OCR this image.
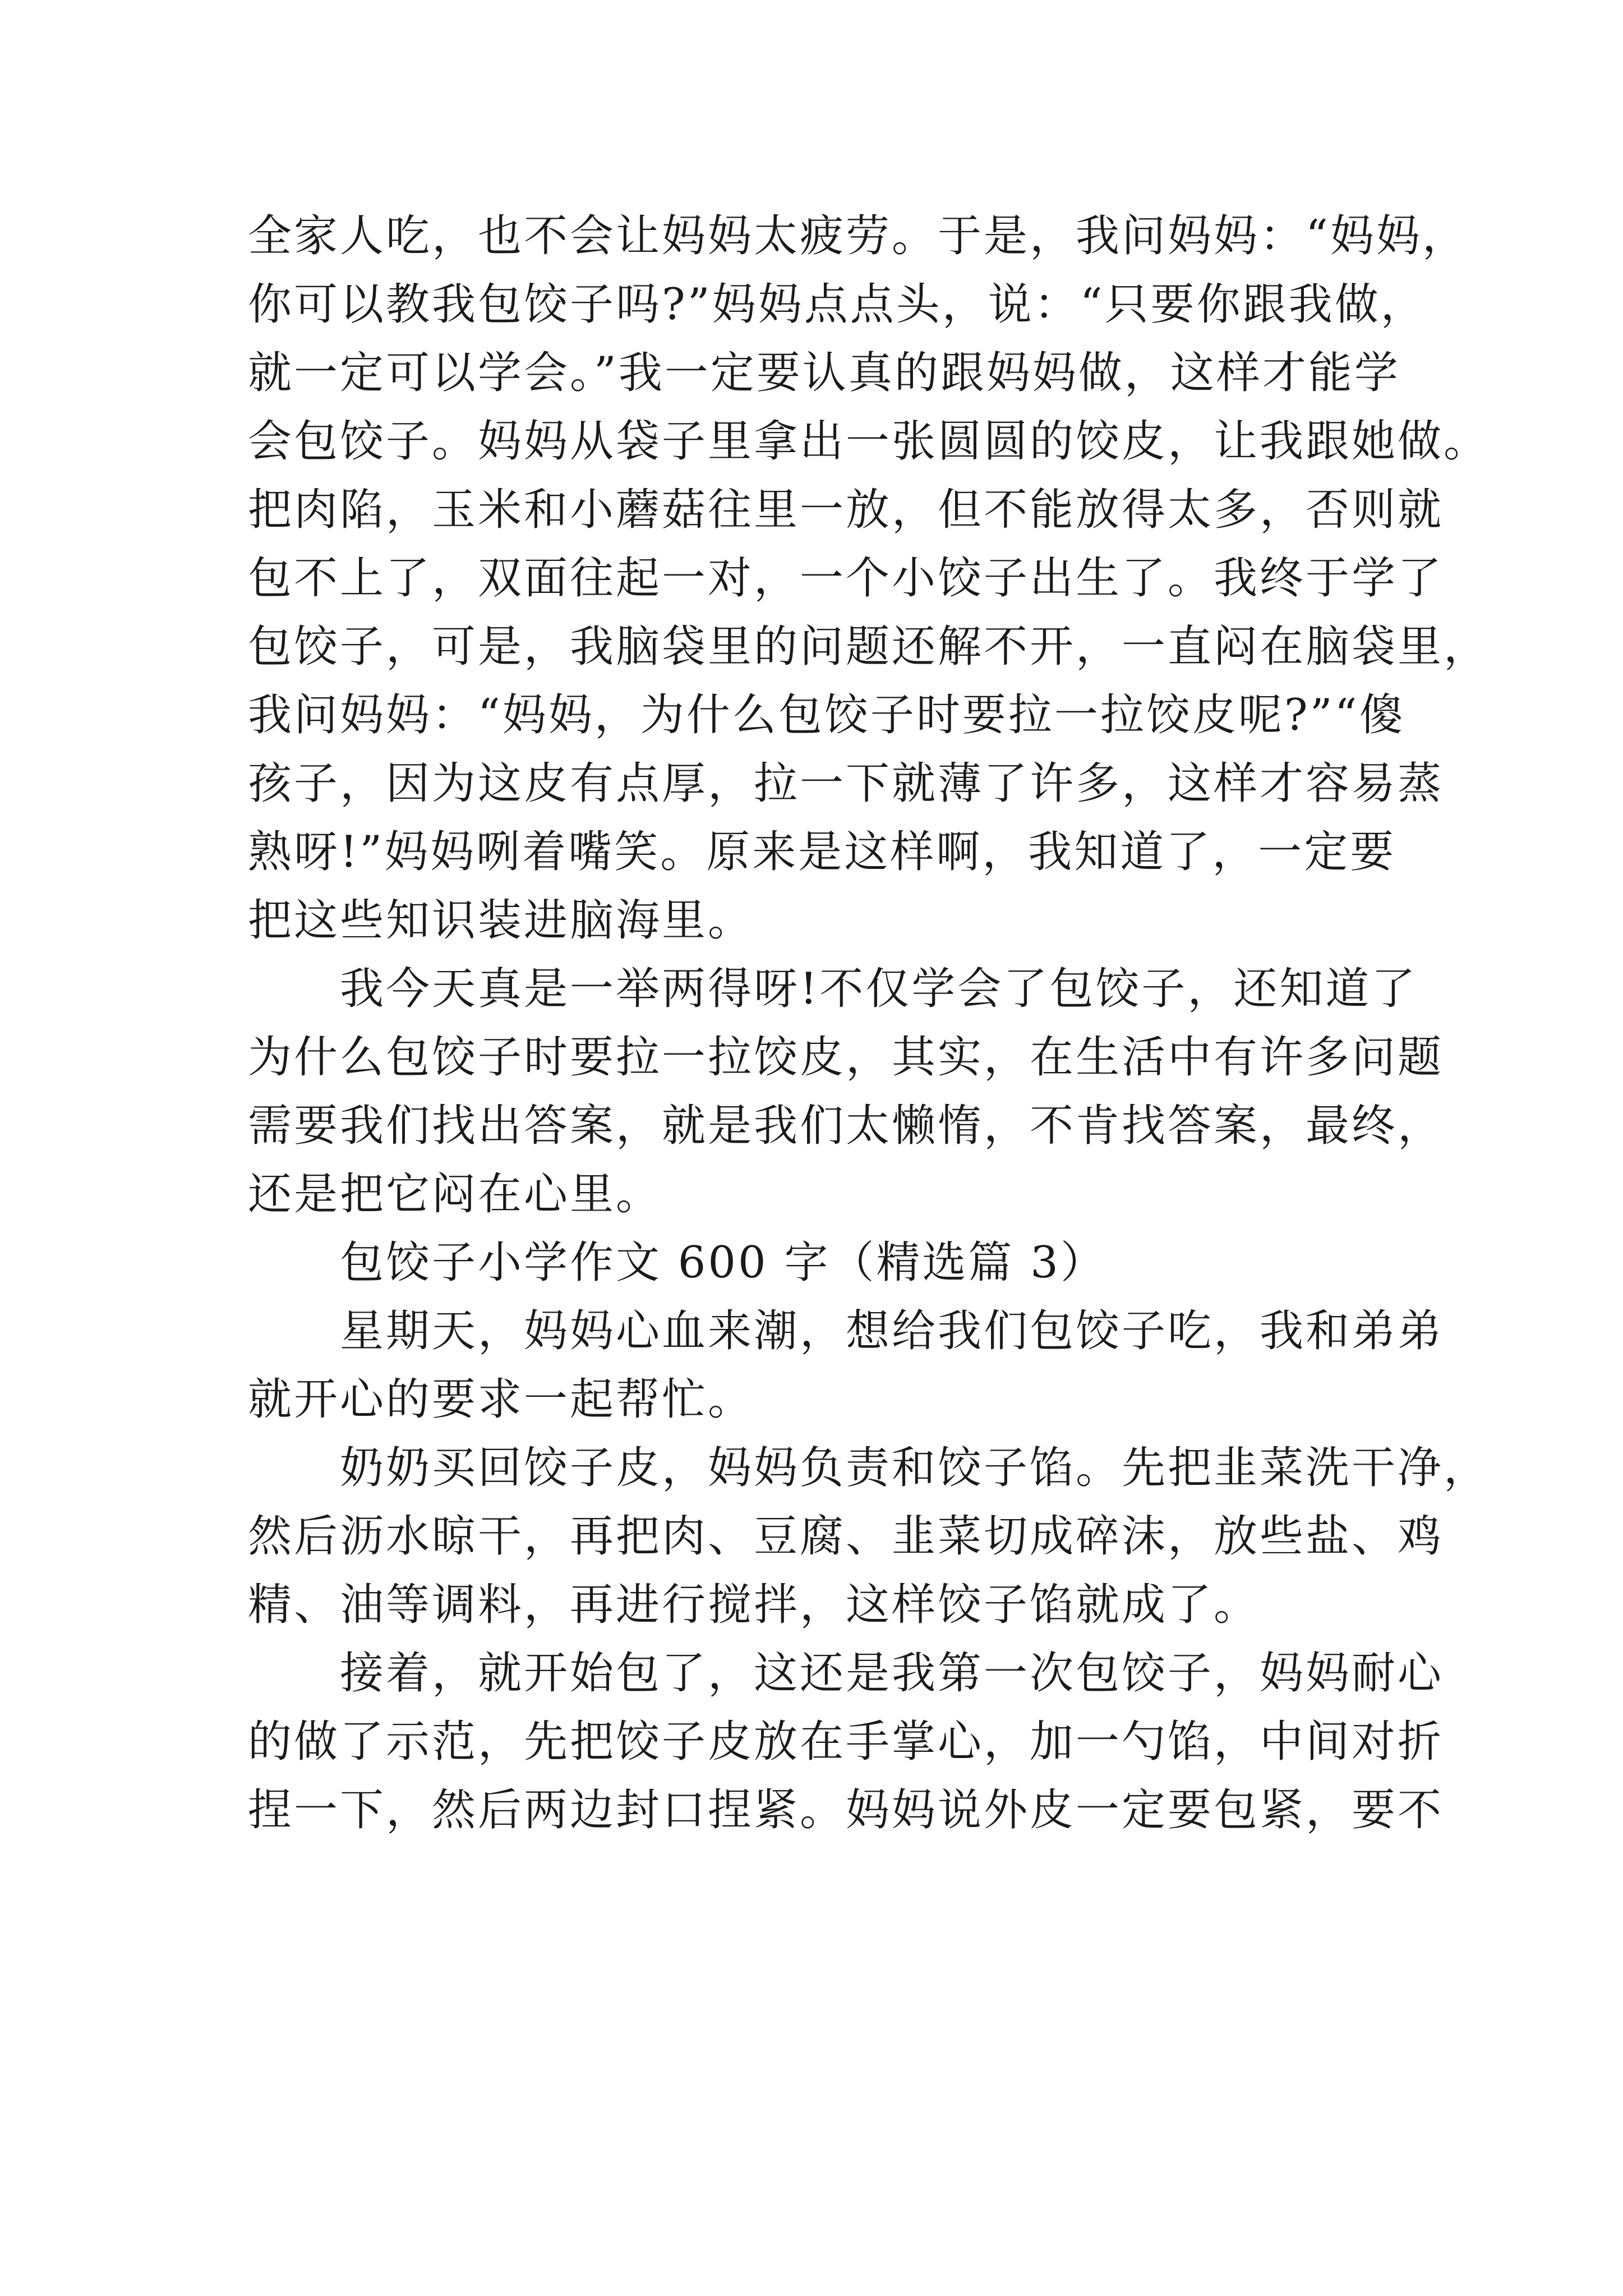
全家人吃，也不会让妈妈太疲劳。于是，我问妈妈：“妈妈，
你可以教我包饺子吗?”妈妈点点头，说：“只要你跟我做，
就一定可以学会。”我一定要认真的跟妈妈做，这样才能学
会包饺子。妈妈从袋子里拿出一张圆圆的饺皮，让我跟她做。
把肉陷，玉米和小蘑菇往里一放，但不能放得太多，否则就
包不上了，双面往起一对，一个小饺子出生了。我终于学了
包饺子，可是，我脑袋里的问题还解不开，一直闷在脑袋里，
我问妈妈：“妈妈，为什么包饺子时要拉一拉饺皮呢?”“傻
孩子，因为这皮有点厚，拉一下就薄了许多，这样才容易蒸
熟呀!”妈妈咧着嘴笑。原来是这样啊，我知道了，一定要
把这些知识装进脑海里。

我今天真是一举两得呀!不仅学会了包饺子，还知道了
为什么包饺子时要拉一拉饺皮，其实，在生活中有许多问题
需要我们找出答案，就是我们太懒惰，不肯找答案，最终，
还是把它闷在心里。

包饺子小学作文 600 字（精选篇 3）

星期天，妈妈心血来潮，想给我们包饺子吃，我和弟弟
就开心的要求一起帮忙。

奶奶买回饺子皮，妈妈负责和饺子馅。先把韭菜洗干净，
然后沥水晾干，再把肉、豆腐、韭菜切成碎沫，放些盐、鸡
精、油等调料，再进行搅拌，这样饺子馅就成了。

接着，就开始包了，这还是我第一次包饺子，妈妈耐心
的做了示范，先把饺子皮放在手掌心，加一勺馅，中间对折
捏一下，然后两边封口捏紧。妈妈说外皮一定要包紧，要不
